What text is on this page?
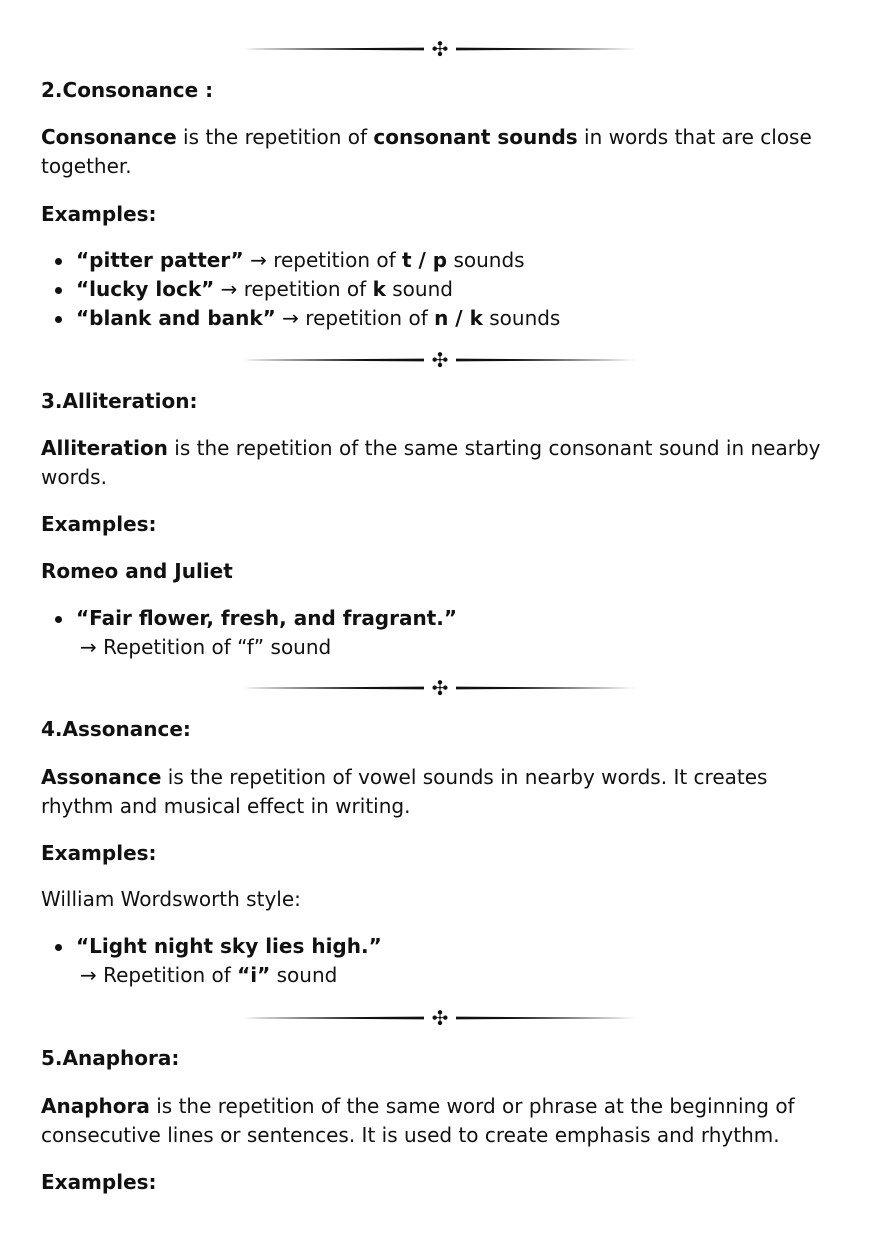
✣
2.Consonance :
Consonance is the repetition of consonant sounds in words that are close together.
Examples:
“pitter patter” → repetition of t / p sounds
“lucky lock” → repetition of k sound
“blank and bank” → repetition of n / k sounds
✣
3.Alliteration:
Alliteration is the repetition of the same starting consonant sound in nearby words.
Examples:
Romeo and Juliet
“Fair flower, fresh, and fragrant.”
→ Repetition of “f” sound
✣
4.Assonance:
Assonance is the repetition of vowel sounds in nearby words. It creates rhythm and musical effect in writing.
Examples:
William Wordsworth style:
“Light night sky lies high.”
→ Repetition of “i” sound
✣
5.Anaphora:
Anaphora is the repetition of the same word or phrase at the beginning of consecutive lines or sentences. It is used to create emphasis and rhythm.
Examples:
